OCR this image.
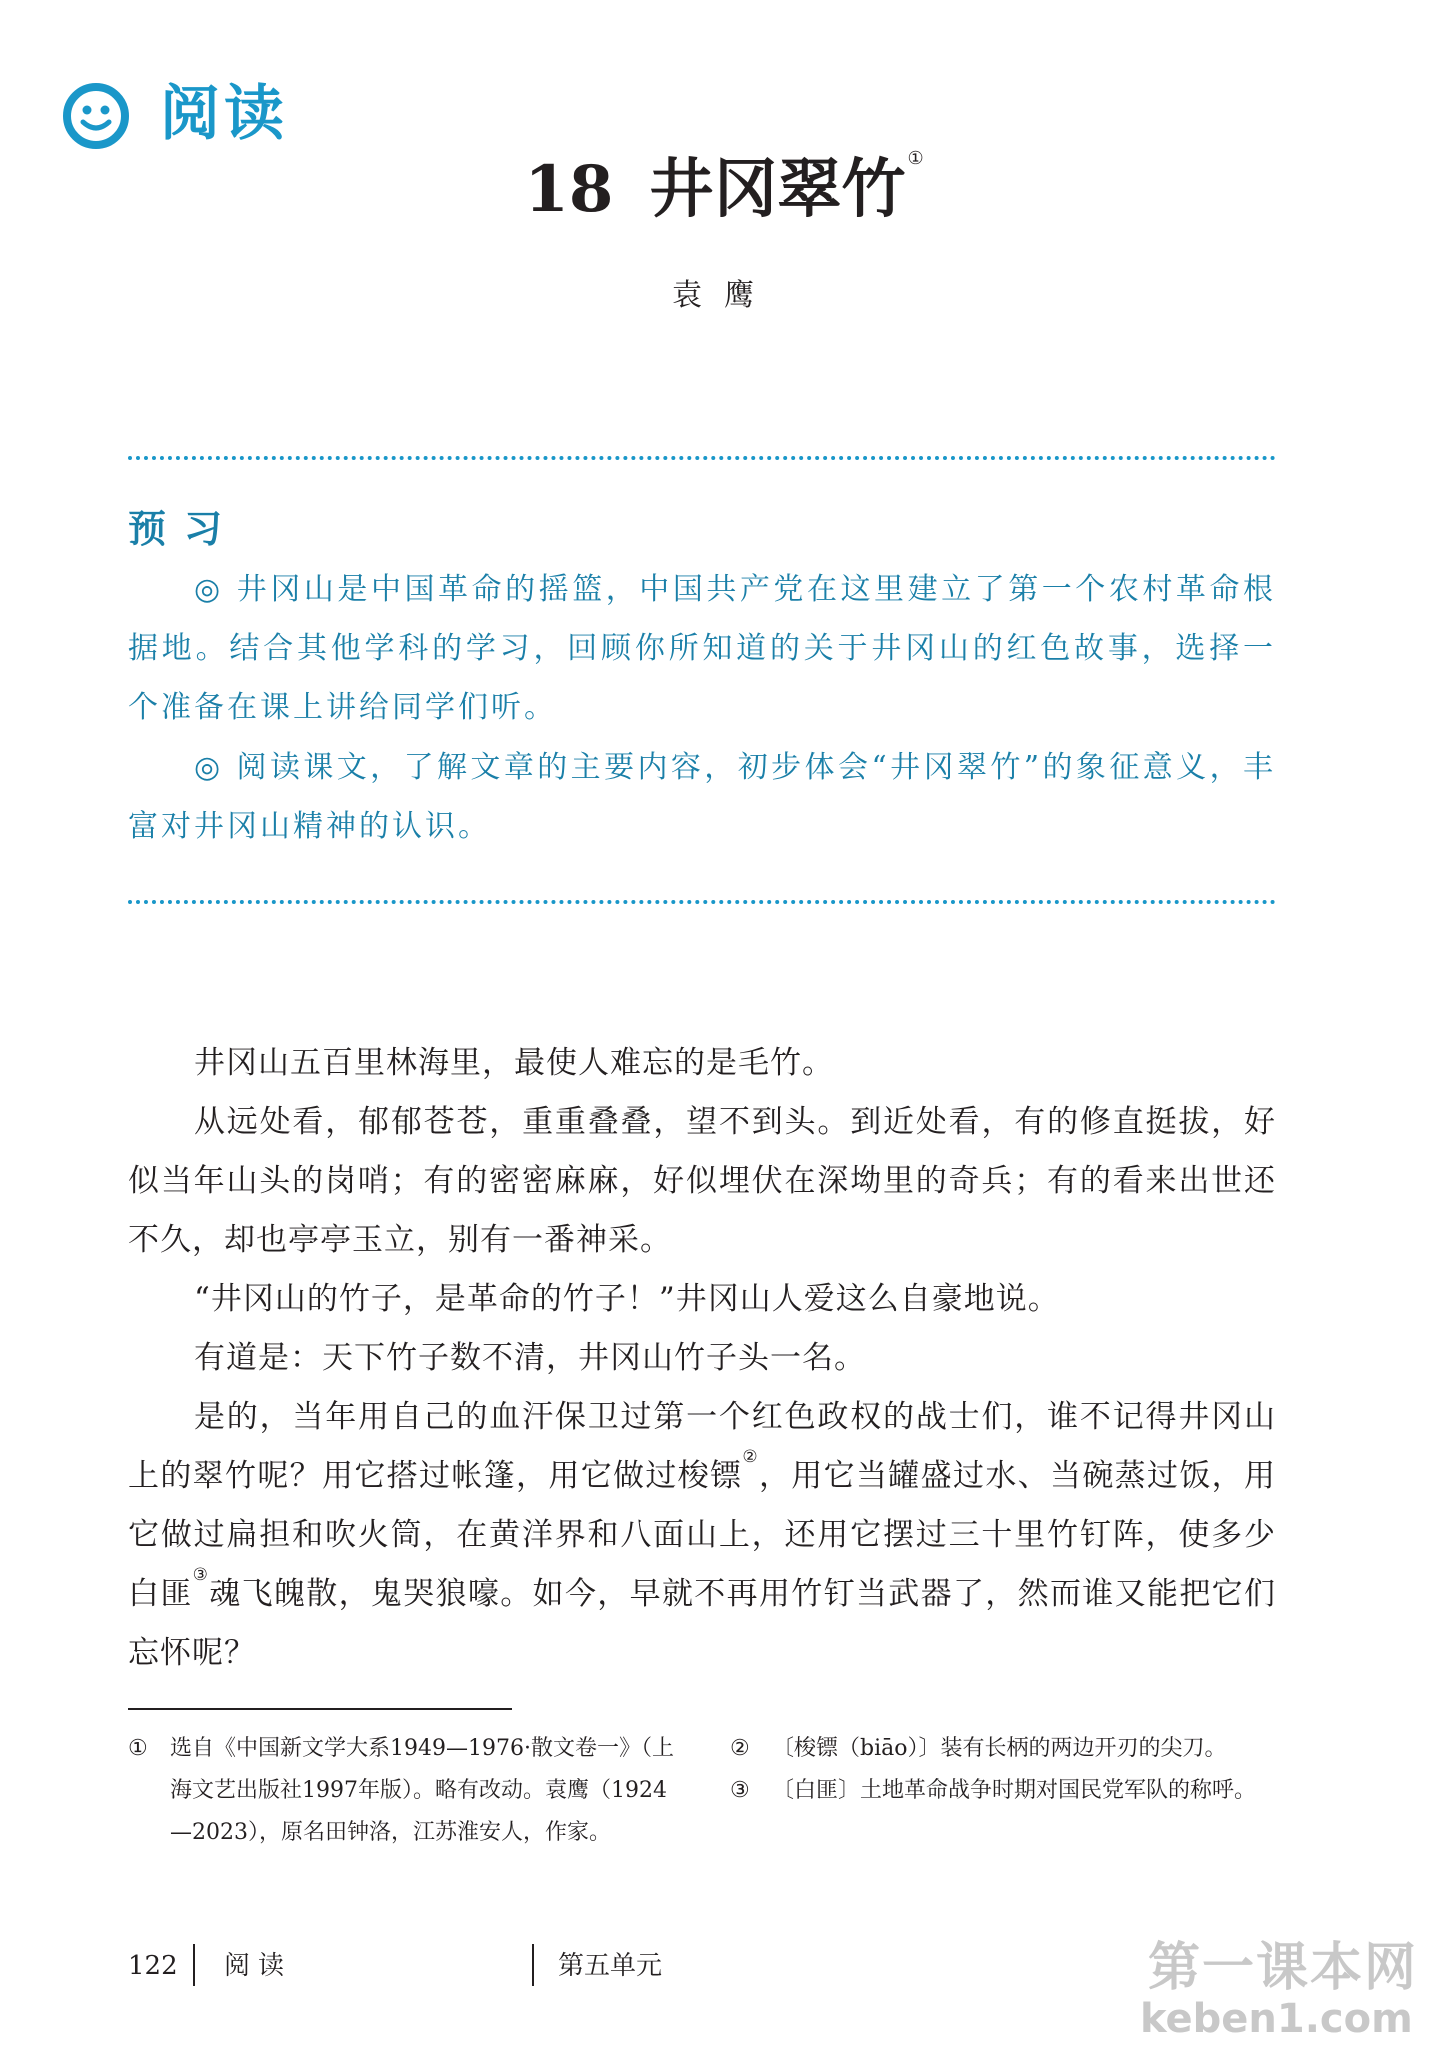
阅读
18 井冈翠竹 ①
袁鹰
预习
◎ 井冈山是中国革命的摇篮，中国共产党在这里建立了第一个农村革命根据地。结合其他学科的学习，回顾你所知道的关于井冈山的红色故事，选择一个准备在课上讲给同学们听。
◎ 阅读课文，了解文章的主要内容，初步体会“井冈翠竹”的象征意义，丰富对井冈山精神的认识。

井冈山五百里林海里，最使人难忘的是毛竹。

从远处看，郁郁苍苍，重重叠叠，望不到头。到近处看，有的修直挺拔，好似当年山头的岗哨；有的密密麻麻，好似埋伏在深坳里的奇兵；有的看来出世还不久，却也亭亭玉立，别有一番神采。

“井冈山的竹子，是革命的竹子！”井冈山人爱这么自豪地说。

有道是：天下竹子数不清，井冈山竹子头一名。

是的，当年用自己的血汗保卫过第一个红色政权的战士们，谁不记得井冈山上的翠竹呢？用它搭过帐篷，用它做过梭镖②，用它当罐盛过水、当碗蒸过饭，用它做过扁担和吹火筒，在黄洋界和八面山上，还用它摆过三十里竹钉阵，使多少白匪③魂飞魄散，鬼哭狼嚎。如今，早就不再用竹钉当武器了，然而谁又能把它们忘怀呢？

① 选自《中国新文学大系1949—1976·散文卷一》（上海文艺出版社1997年版）。略有改动。袁鹰（1924—2023），原名田钟洛，江苏淮安人，作家。
② 〔梭镖（biāo）〕装有长柄的两边开刃的尖刀。
③ 〔白匪〕土地革命战争时期对国民党军队的称呼。
122 阅读	第五单元	第一课本网
keben1.com
